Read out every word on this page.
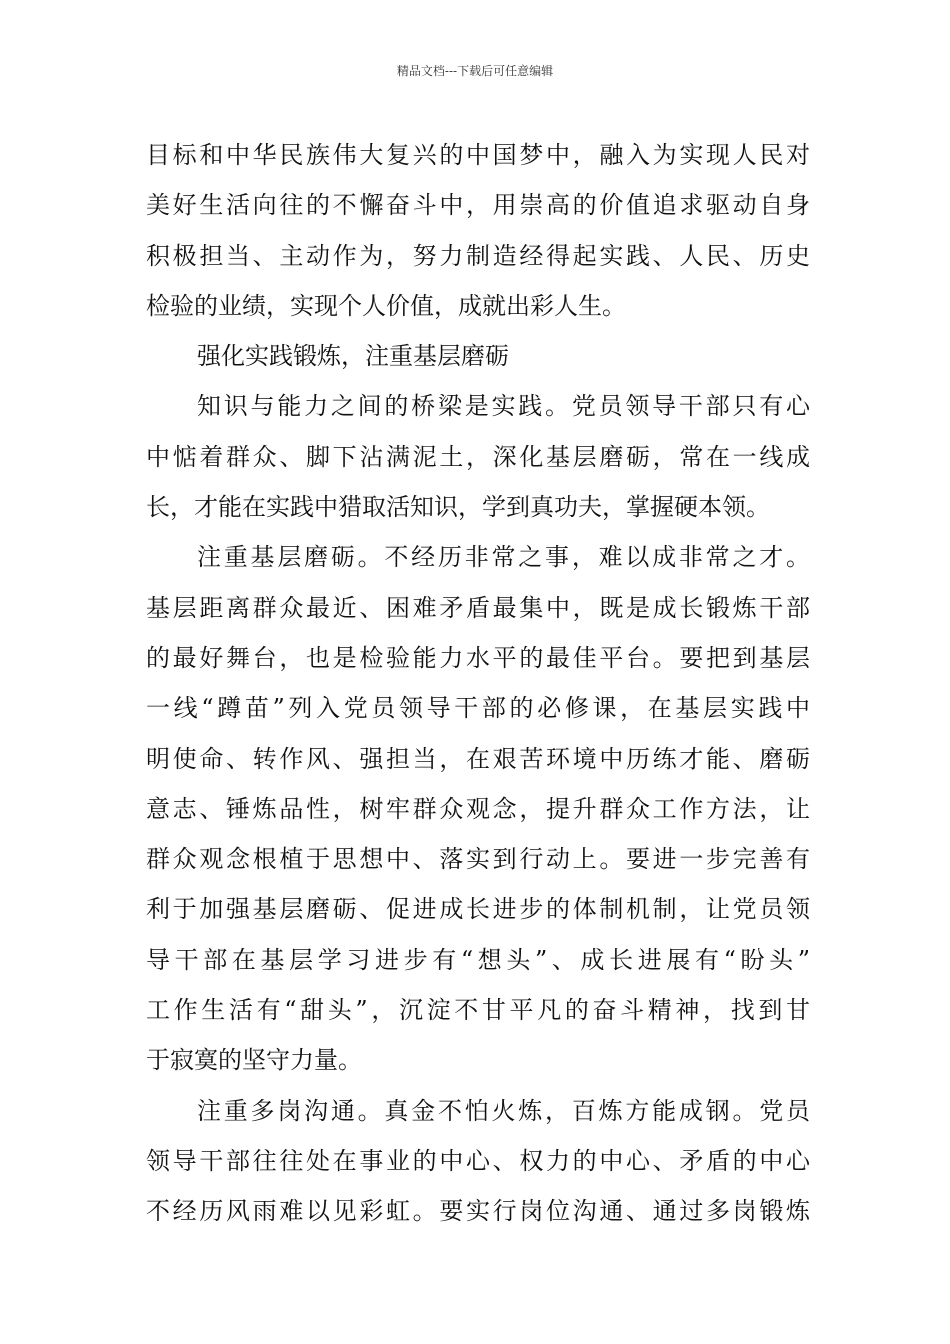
精品文档---下载后可任意编辑
目标和中华民族伟大复兴的中国梦中，融入为实现人民对
美好生活向往的不懈奋斗中，用崇高的价值追求驱动自身
积极担当、主动作为，努力制造经得起实践、人民、历史
检验的业绩，实现个人价值，成就出彩人生。
强化实践锻炼，注重基层磨砺
知识与能力之间的桥梁是实践。党员领导干部只有心
中惦着群众、脚下沾满泥土，深化基层磨砺，常在一线成
长，才能在实践中猎取活知识，学到真功夫，掌握硬本领。
注重基层磨砺。不经历非常之事，难以成非常之才。
基层距离群众最近、困难矛盾最集中，既是成长锻炼干部
的最好舞台，也是检验能力水平的最佳平台。要把到基层
一线“蹲苗”列入党员领导干部的必修课，在基层实践中
明使命、转作风、强担当，在艰苦环境中历练才能、磨砺
意志、锤炼品性，树牢群众观念，提升群众工作方法，让
群众观念根植于思想中、落实到行动上。要进一步完善有
利于加强基层磨砺、促进成长进步的体制机制，让党员领
导干部在基层学习进步有“想头”、成长进展有“盼头”
工作生活有“甜头”，沉淀不甘平凡的奋斗精神，找到甘
于寂寞的坚守力量。
注重多岗沟通。真金不怕火炼，百炼方能成钢。党员
领导干部往往处在事业的中心、权力的中心、矛盾的中心
不经历风雨难以见彩虹。要实行岗位沟通、通过多岗锻炼
